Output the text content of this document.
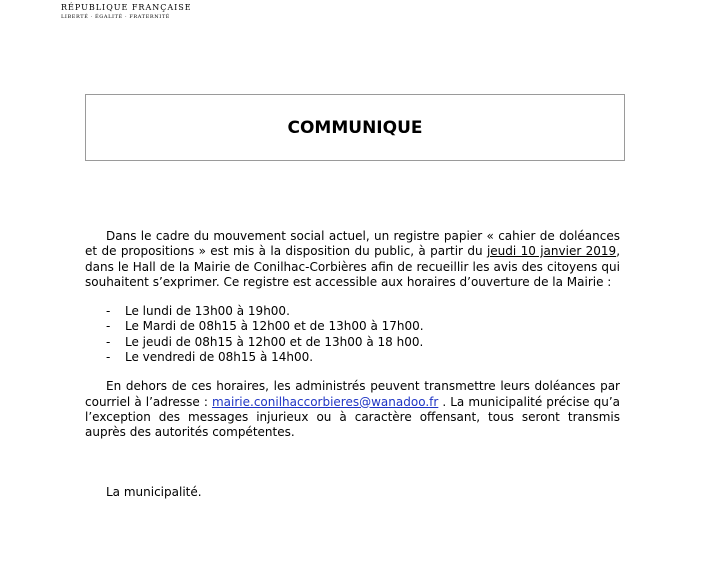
RÉPUBLIQUE FRANÇAISE
LIBERTÉ · ÉGALITÉ · FRATERNITÉ
COMMUNIQUE

Dans le cadre du mouvement social actuel, un registre papier « cahier de doléances et de propositions » est mis à la disposition du public, à partir du jeudi 10 janvier 2019, dans le Hall de la Mairie de Conilhac-Corbières afin de recueillir les avis des citoyens qui souhaitent s’exprimer. Ce registre est accessible aux horaires d’ouverture de la Mairie :

- Le lundi de 13h00 à 19h00.
- Le Mardi de 08h15 à 12h00 et de 13h00 à 17h00.
- Le jeudi de 08h15 à 12h00 et de 13h00 à 18 h00.
- Le vendredi de 08h15 à 14h00.

En dehors de ces horaires, les administrés peuvent transmettre leurs doléances par courriel à l’adresse : mairie.conilhaccorbieres@wanadoo.fr . La municipalité précise qu’a l’exception des messages injurieux ou à caractère offensant, tous seront transmis auprès des autorités compétentes.

La municipalité.
